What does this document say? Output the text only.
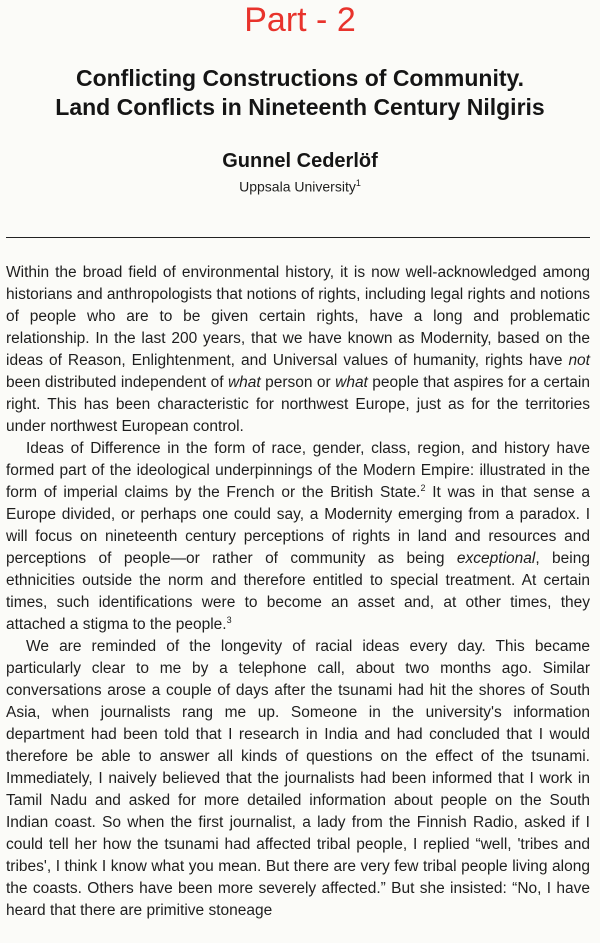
Part - 2
Conflicting Constructions of Community.
Land Conflicts in Nineteenth Century Nilgiris
Gunnel Cederlöf
Uppsala University$^1$

Within the broad field of environmental history, it is now well-acknowledged among historians and anthropologists that notions of rights, including legal rights and notions of people who are to be given certain rights, have a long and problematic relationship. In the last 200 years, that we have known as Modernity, based on the ideas of Reason, Enlightenment, and Universal values of humanity, rights have not been distributed independent of what person or what people that aspires for a certain right. This has been characteristic for northwest Europe, just as for the territories under northwest European control.

Ideas of Difference in the form of race, gender, class, region, and history have formed part of the ideological underpinnings of the Modern Empire: illustrated in the form of imperial claims by the French or the British State.$^2$ It was in that sense a Europe divided, or perhaps one could say, a Modernity emerging from a paradox. I will focus on nineteenth century perceptions of rights in land and resources and perceptions of people—or rather of community as being exceptional, being ethnicities outside the norm and therefore entitled to special treatment. At certain times, such identifications were to become an asset and, at other times, they attached a stigma to the people.$^3$

We are reminded of the longevity of racial ideas every day. This became particularly clear to me by a telephone call, about two months ago. Similar conversations arose a couple of days after the tsunami had hit the shores of South Asia, when journalists rang me up. Someone in the university's information department had been told that I research in India and had concluded that I would therefore be able to answer all kinds of questions on the effect of the tsunami. Immediately, I naively believed that the journalists had been informed that I work in Tamil Nadu and asked for more detailed information about people on the South Indian coast. So when the first journalist, a lady from the Finnish Radio, asked if I could tell her how the tsunami had affected tribal people, I replied “well, 'tribes and tribes', I think I know what you mean. But there are very few tribal people living along the coasts. Others have been more severely affected.” But she insisted: “No, I have heard that there are primitive stoneage
